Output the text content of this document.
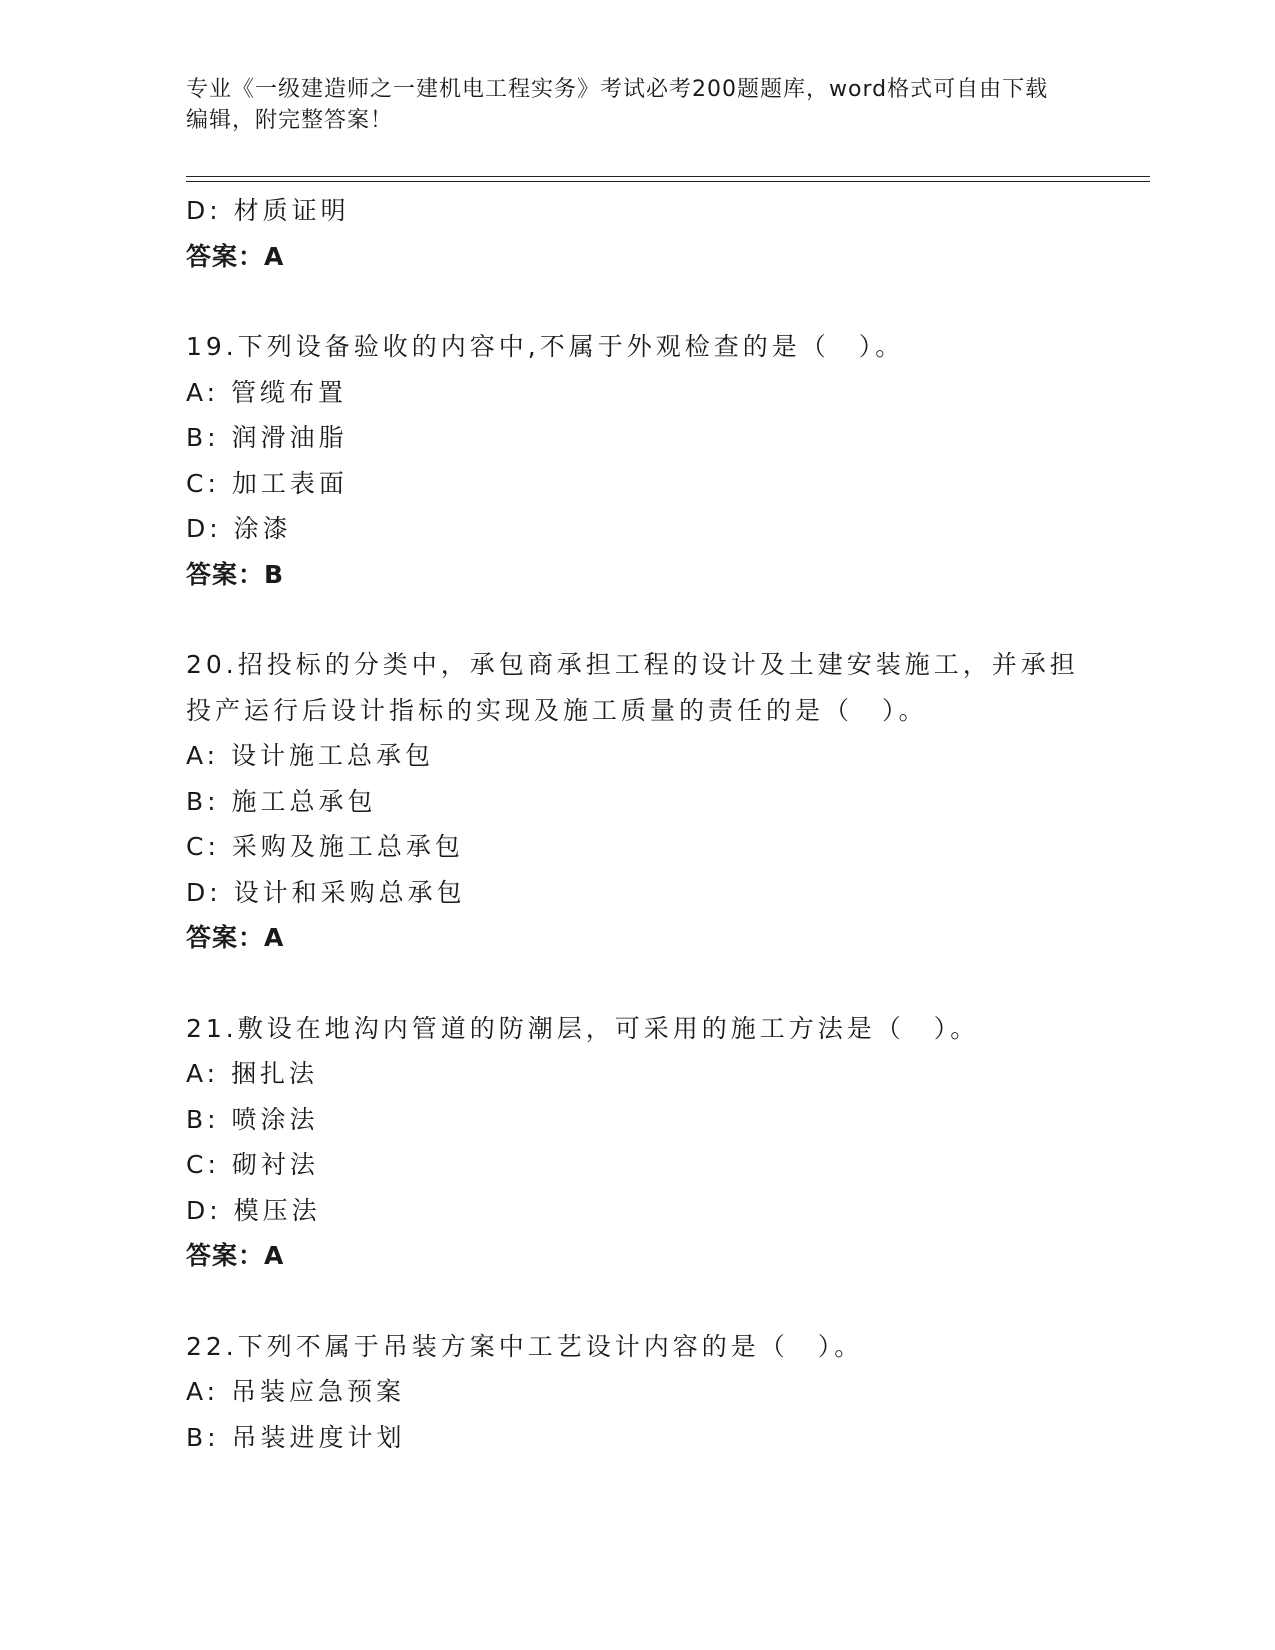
专业《一级建造师之一建机电工程实务》考试必考200题题库，word格式可自由下载编辑，附完整答案！
D: 材质证明
答案：A
19.下列设备验收的内容中,不属于外观检查的是（　）。
A: 管缆布置
B: 润滑油脂
C: 加工表面
D: 涂漆
答案：B
20.招投标的分类中，承包商承担工程的设计及土建安装施工，并承担投产运行后设计指标的实现及施工质量的责任的是（　）。
A: 设计施工总承包
B: 施工总承包
C: 采购及施工总承包
D: 设计和采购总承包
答案：A
21.敷设在地沟内管道的防潮层，可采用的施工方法是（　）。
A: 捆扎法
B: 喷涂法
C: 砌衬法
D: 模压法
答案：A
22.下列不属于吊装方案中工艺设计内容的是（　）。
A: 吊装应急预案
B: 吊装进度计划
